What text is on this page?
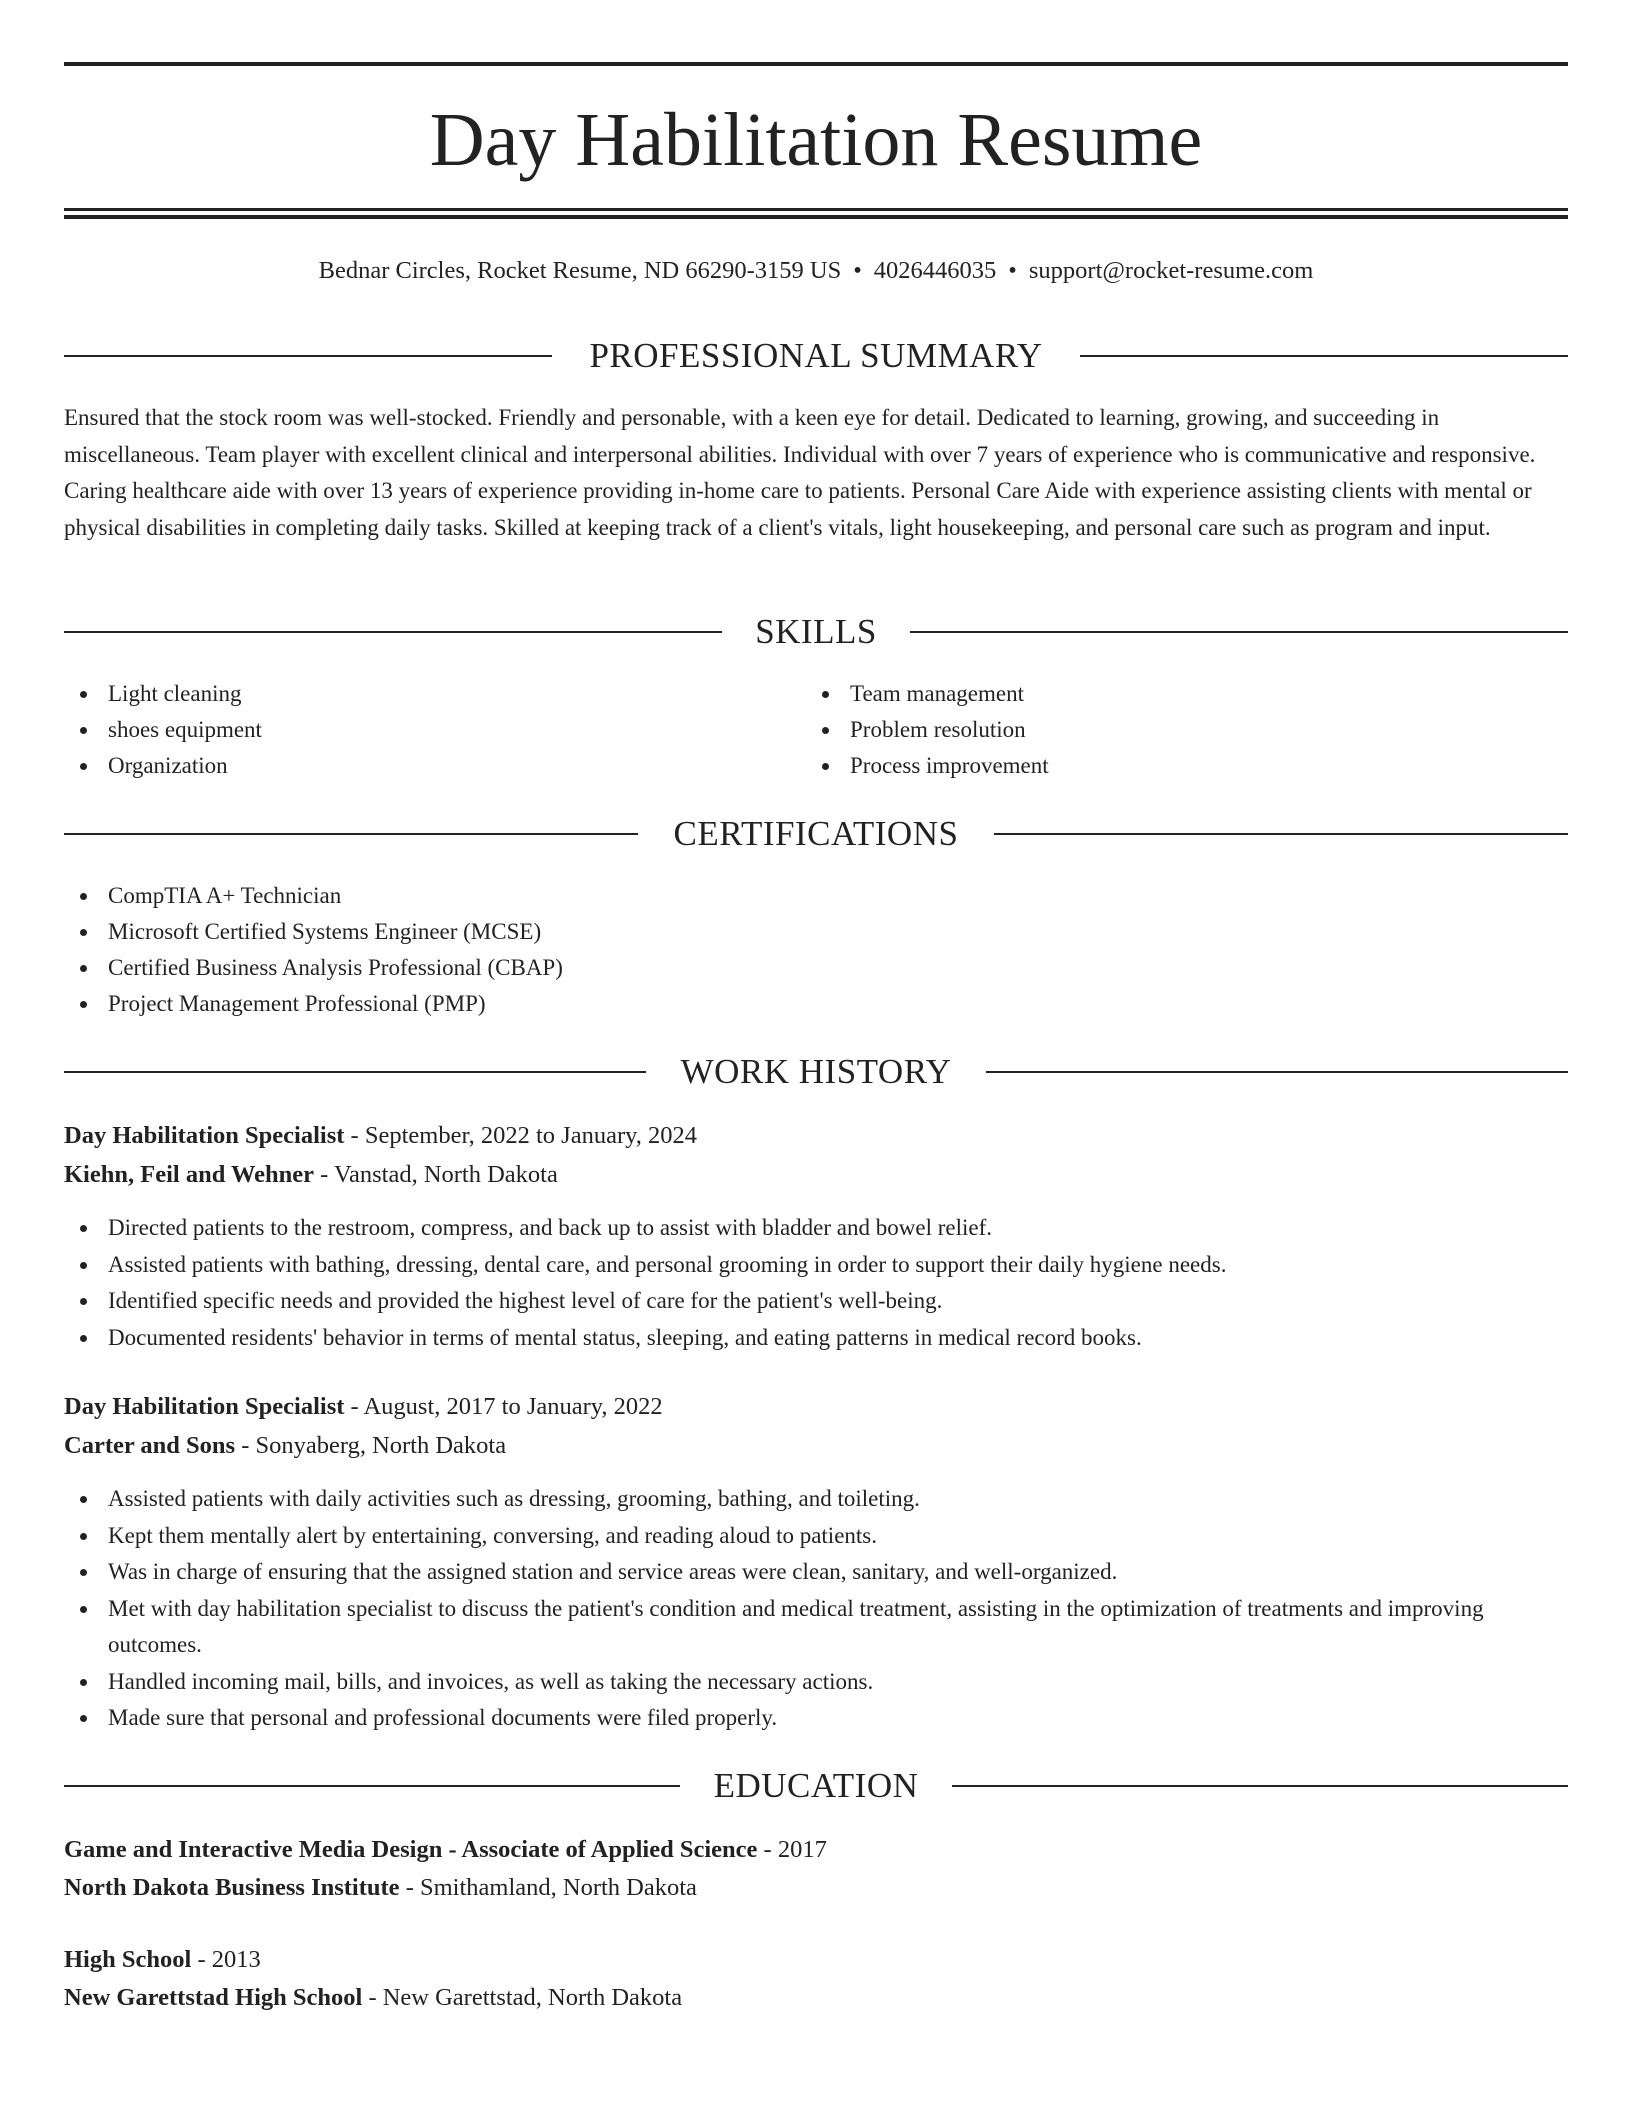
Day Habilitation Resume
Bednar Circles, Rocket Resume, ND 66290-3159 US • 4026446035 • support@rocket-resume.com
PROFESSIONAL SUMMARY

Ensured that the stock room was well-stocked. Friendly and personable, with a keen eye for detail. Dedicated to learning, growing, and succeeding in miscellaneous. Team player with excellent clinical and interpersonal abilities. Individual with over 7 years of experience who is communicative and responsive. Caring healthcare aide with over 13 years of experience providing in-home care to patients. Personal Care Aide with experience assisting clients with mental or physical disabilities in completing daily tasks. Skilled at keeping track of a client's vitals, light housekeeping, and personal care such as program and input.

SKILLS
Light cleaning
shoes equipment
Organization
Team management
Problem resolution
Process improvement
CERTIFICATIONS
CompTIA A+ Technician
Microsoft Certified Systems Engineer (MCSE)
Certified Business Analysis Professional (CBAP)
Project Management Professional (PMP)
WORK HISTORY
Day Habilitation Specialist - September, 2022 to January, 2024
Kiehn, Feil and Wehner - Vanstad, North Dakota
Directed patients to the restroom, compress, and back up to assist with bladder and bowel relief.
Assisted patients with bathing, dressing, dental care, and personal grooming in order to support their daily hygiene needs.
Identified specific needs and provided the highest level of care for the patient's well-being.
Documented residents' behavior in terms of mental status, sleeping, and eating patterns in medical record books.
Day Habilitation Specialist - August, 2017 to January, 2022
Carter and Sons - Sonyaberg, North Dakota
Assisted patients with daily activities such as dressing, grooming, bathing, and toileting.
Kept them mentally alert by entertaining, conversing, and reading aloud to patients.
Was in charge of ensuring that the assigned station and service areas were clean, sanitary, and well-organized.
Met with day habilitation specialist to discuss the patient's condition and medical treatment, assisting in the optimization of treatments and improving outcomes.
Handled incoming mail, bills, and invoices, as well as taking the necessary actions.
Made sure that personal and professional documents were filed properly.
EDUCATION
Game and Interactive Media Design - Associate of Applied Science - 2017
North Dakota Business Institute - Smithamland, North Dakota
High School - 2013
New Garettstad High School - New Garettstad, North Dakota
